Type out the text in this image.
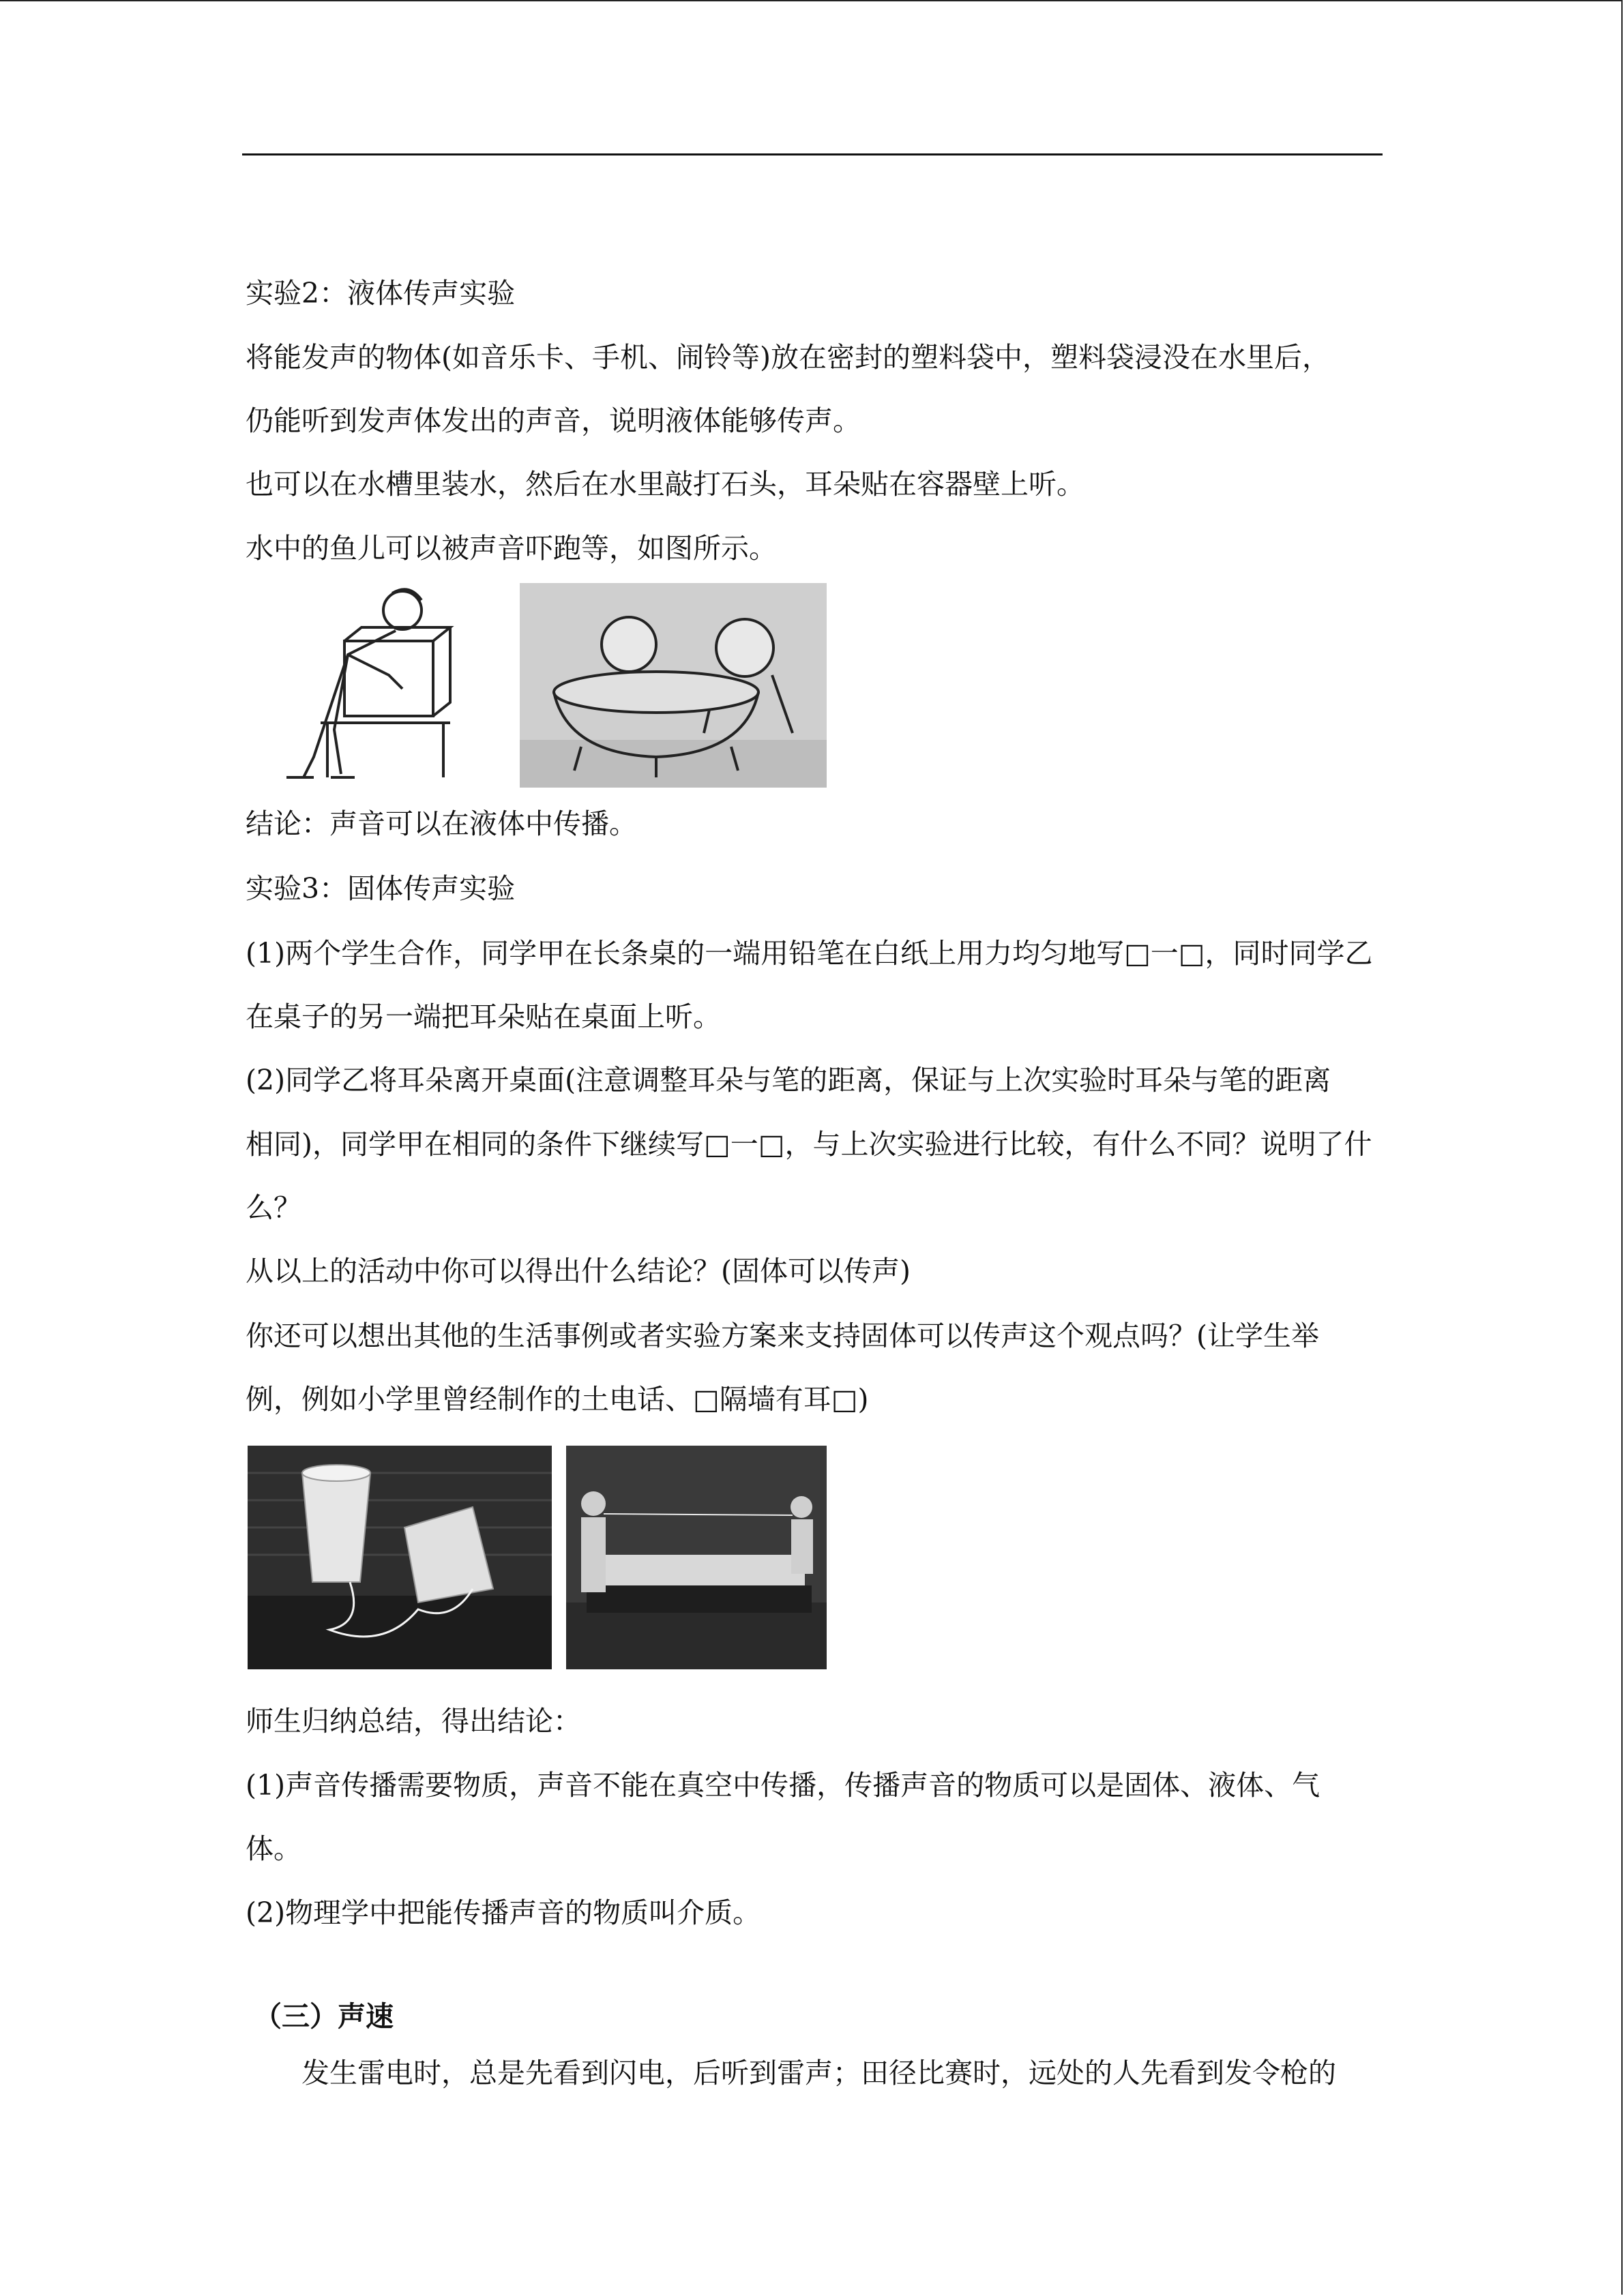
实验2：液体传声实验
将能发声的物体(如音乐卡、手机、闹铃等)放在密封的塑料袋中，塑料袋浸没在水里后，
仍能听到发声体发出的声音，说明液体能够传声。
也可以在水槽里装水，然后在水里敲打石头，耳朵贴在容器壁上听。
水中的鱼儿可以被声音吓跑等，如图所示。
结论：声音可以在液体中传播。
实验3：固体传声实验
(1)两个学生合作，同学甲在长条桌的一端用铅笔在白纸上用力均匀地写□一□，同时同学乙
在桌子的另一端把耳朵贴在桌面上听。
(2)同学乙将耳朵离开桌面(注意调整耳朵与笔的距离，保证与上次实验时耳朵与笔的距离
相同)，同学甲在相同的条件下继续写□一□，与上次实验进行比较，有什么不同？说明了什
么？
从以上的活动中你可以得出什么结论？(固体可以传声)
你还可以想出其他的生活事例或者实验方案来支持固体可以传声这个观点吗？(让学生举
例，例如小学里曾经制作的土电话、□隔墙有耳□)
师生归纳总结，得出结论：
(1)声音传播需要物质，声音不能在真空中传播，传播声音的物质可以是固体、液体、气
体。
(2)物理学中把能传播声音的物质叫介质。
（三）声速
发生雷电时，总是先看到闪电，后听到雷声；田径比赛时，远处的人先看到发令枪的
